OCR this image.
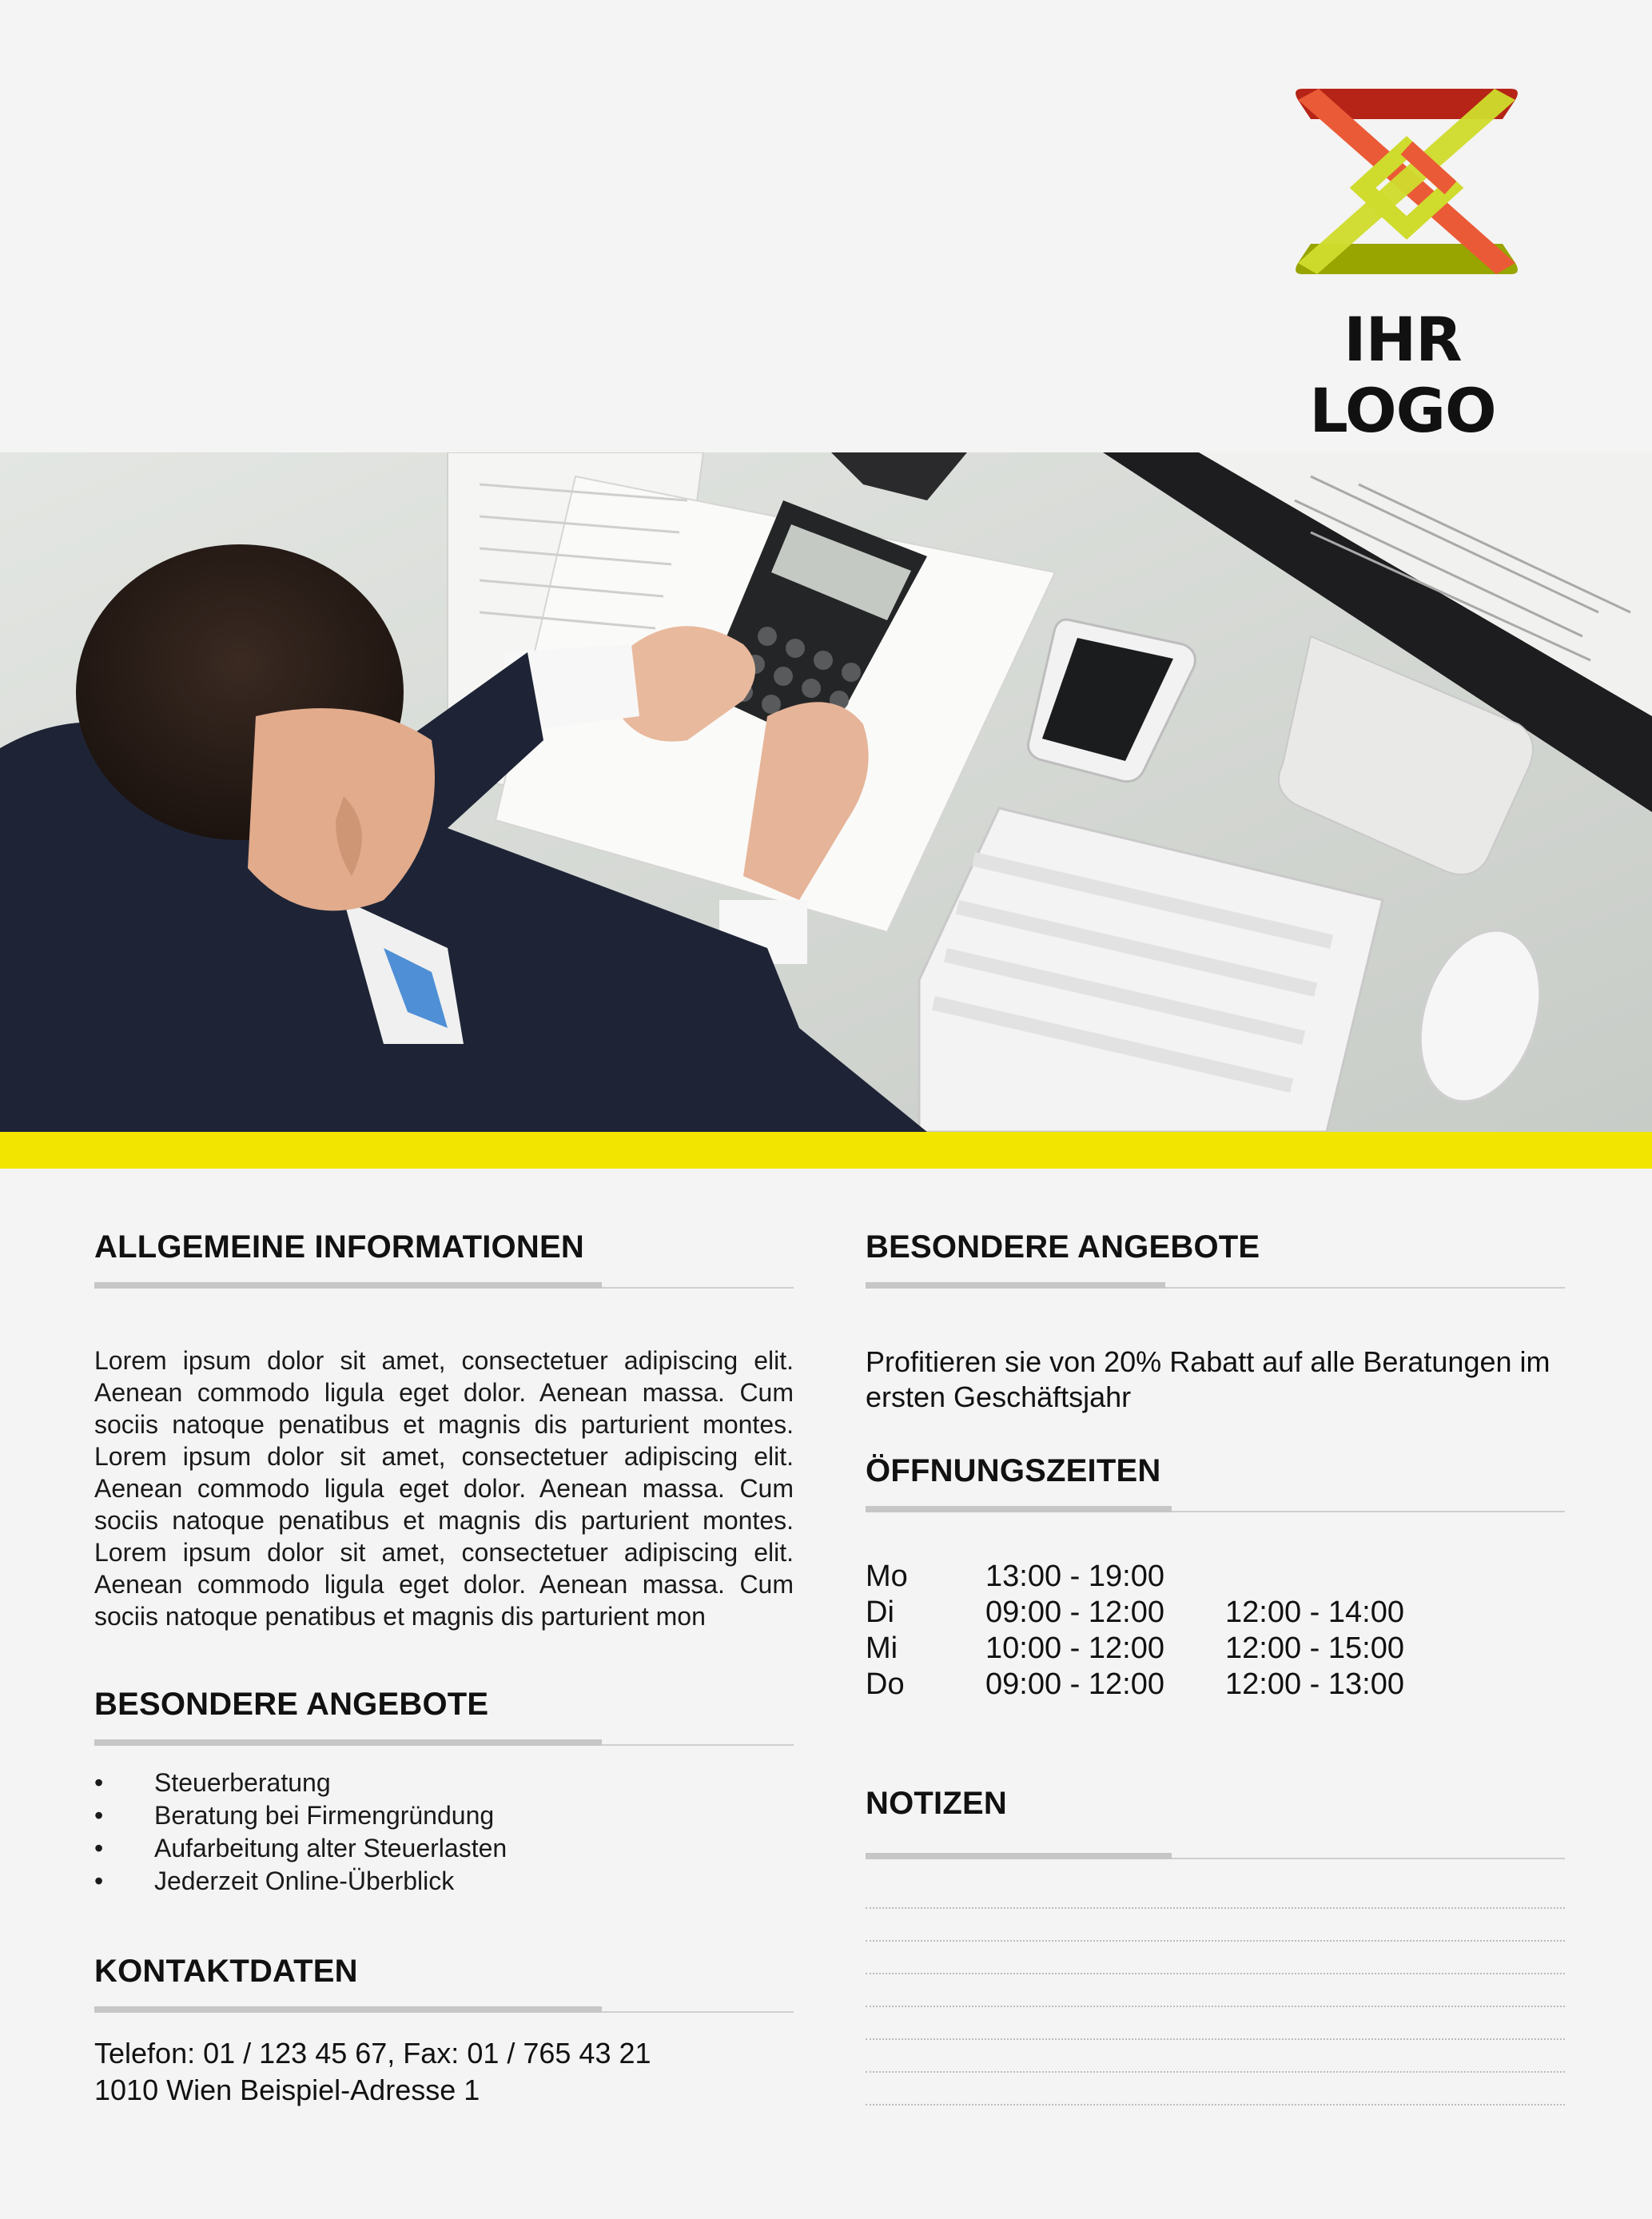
IHR LOGO
ALLGEMEINE INFORMATIONEN

Lorem ipsum dolor sit amet, consectetuer adipiscing elit. Aenean commodo ligula eget dolor. Aenean massa. Cum sociis natoque penatibus et magnis dis parturient montes. Lorem ipsum dolor sit amet, consectetuer adipiscing elit. Aenean commodo ligula eget dolor. Aenean massa. Cum sociis natoque penatibus et magnis dis parturient montes. Lorem ipsum dolor sit amet, consectetuer adipiscing elit. Aenean commodo ligula eget dolor. Aenean massa. Cum sociis natoque penatibus et magnis dis parturient mon

BESONDERE ANGEBOTE
• Steuerberatung
• Beratung bei Firmengründung
• Aufarbeitung alter Steuerlasten
• Jederzeit Online-Überblick
KONTAKTDATEN

Telefon: 01 / 123 45 67, Fax: 01 / 765 43 21

1010 Wien Beispiel-Adresse 1

BESONDERE ANGEBOTE

Profitieren sie von 20% Rabatt auf alle Beratungen im ersten Geschäftsjahr

ÖFFNUNGSZEITEN
Mo	13:00 - 19:00
Di	09:00 - 12:00	12:00 - 14:00
Mi	10:00 - 12:00	12:00 - 15:00
Do	09:00 - 12:00	12:00 - 13:00
NOTIZEN
